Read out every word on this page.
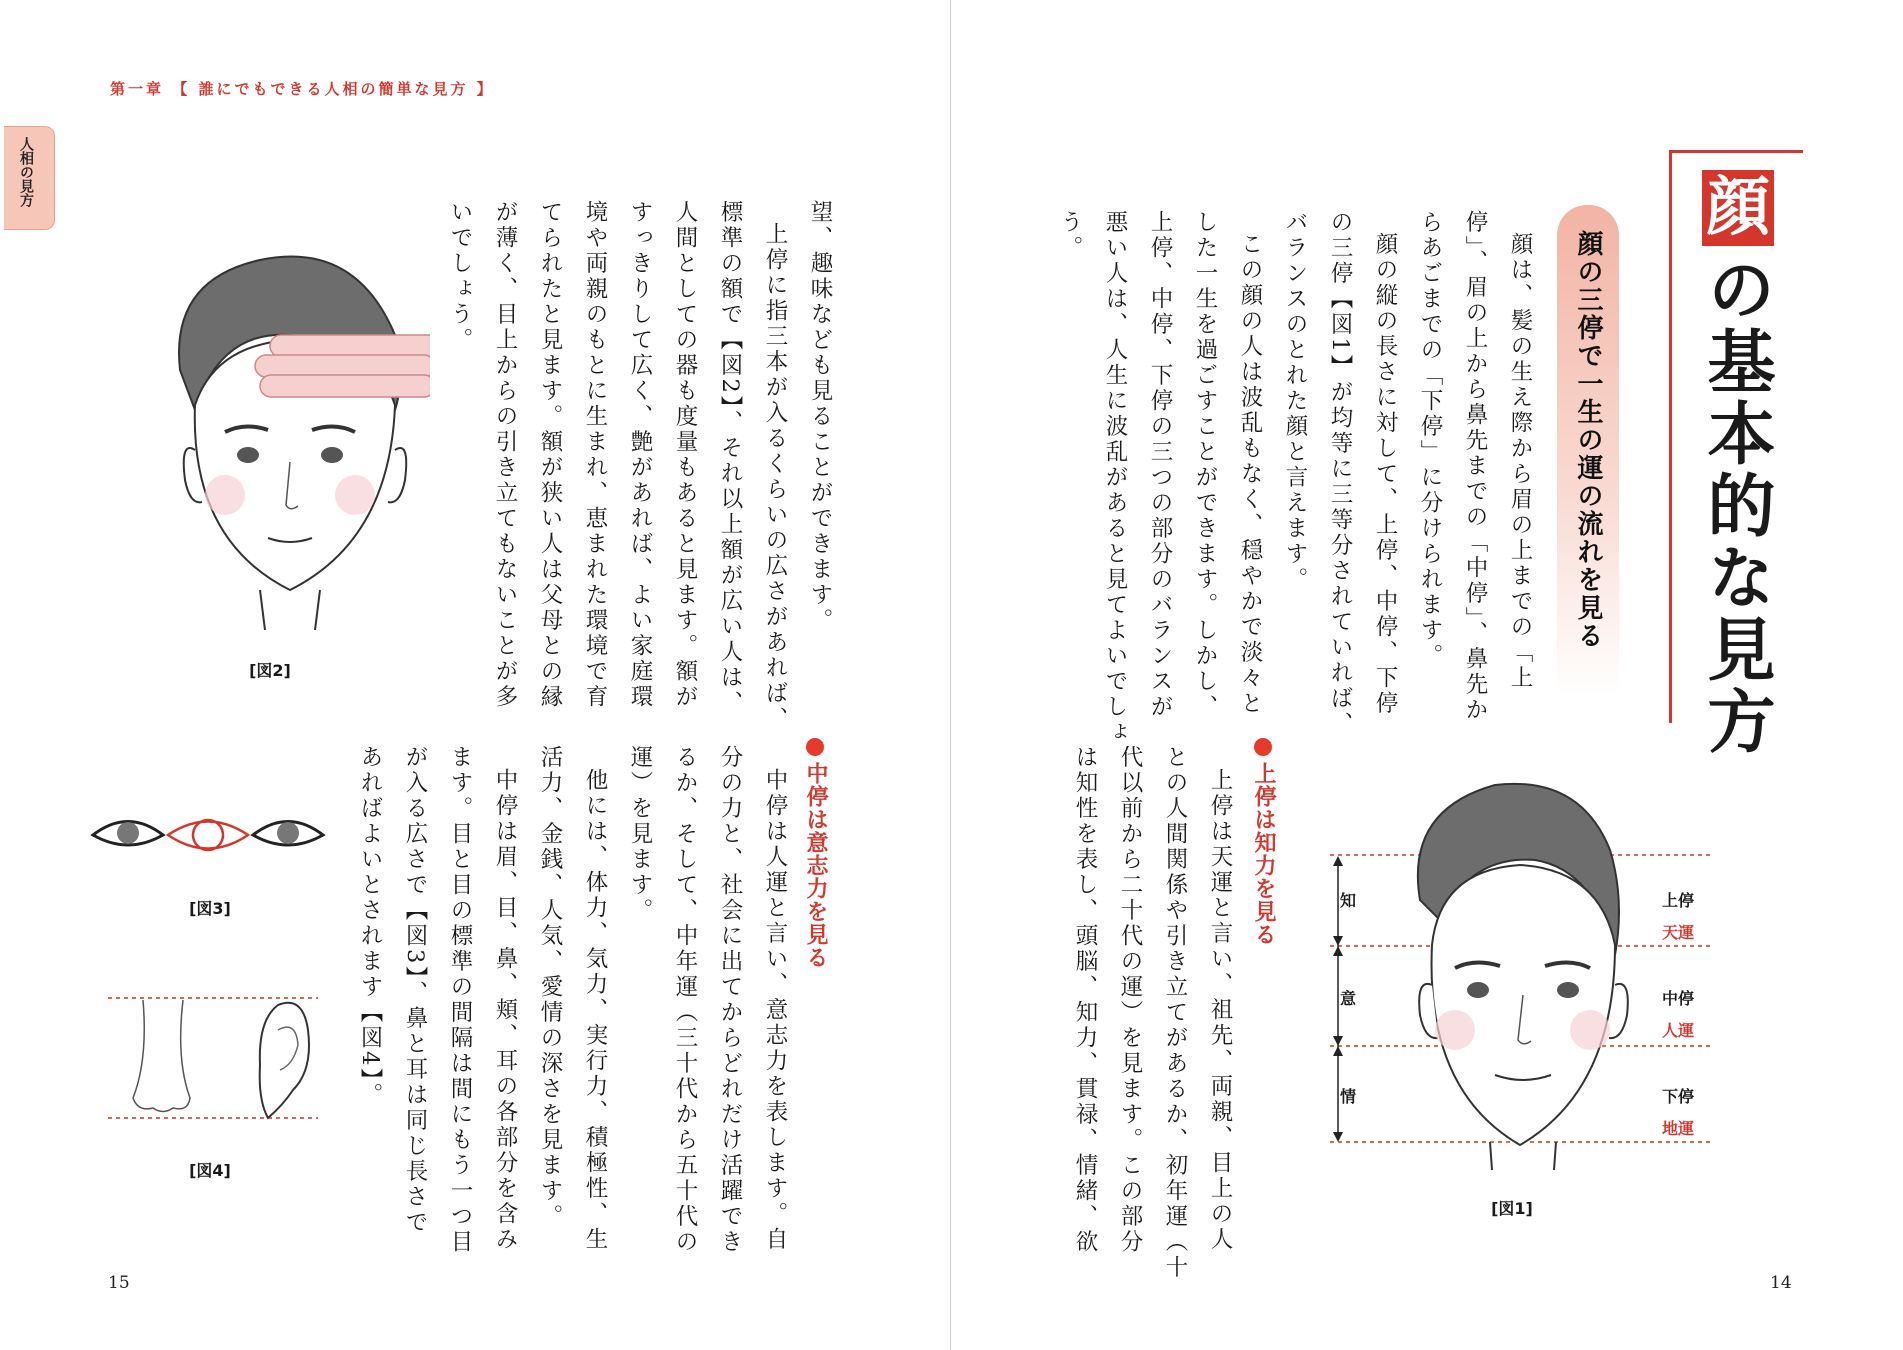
第一章 【 誰にでもできる人相の簡単な見方 】
人相の見方
[図2]
[図3]
[図4]
望、趣味なども見ることができます。
上停に指三本が入るくらいの広さがあれば、
標準の額で【図2】、それ以上額が広い人は、
人間としての器も度量もあると見ます。額が
すっきりして広く、艶があれば、よい家庭環
境や両親のもとに生まれ、恵まれた環境で育
てられたと見ます。額が狭い人は父母との縁
が薄く、目上からの引き立てもないことが多
いでしょう。
中停は意志力を見る
中停は人運と言い、意志力を表します。自
分の力と、社会に出てからどれだけ活躍でき
るか、そして、中年運（三十代から五十代の
運）を見ます。
他には、体力、気力、実行力、積極性、生
活力、金銭、人気、愛情の深さを見ます。
中停は眉、目、鼻、頬、耳の各部分を含み
ます。目と目の標準の間隔は間にもう一つ目
が入る広さで【図3】、鼻と耳は同じ長さで
あればよいとされます【図4】。
15
顔
の基本的な見方
顔の三停で一生の運の流れを見る
顔は、髪の生え際から眉の上までの「上
停」、眉の上から鼻先までの「中停」、鼻先か
らあごまでの「下停」に分けられます。
顔の縦の長さに対して、上停、中停、下停
の三停【図1】が均等に三等分されていれば、
バランスのとれた顔と言えます。
この顔の人は波乱もなく、穏やかで淡々と
した一生を過ごすことができます。しかし、
上停、中停、下停の三つの部分のバランスが
悪い人は、人生に波乱があると見てよいでしょ
う。
上停は知力を見る
上停は天運と言い、祖先、両親、目上の人
との人間関係や引き立てがあるか、初年運（十
代以前から二十代の運）を見ます。この部分
は知性を表し、頭脳、知力、貫禄、情緒、欲	知
意
情
上停
天運
中停
人運
下停
地運
[図1]
14
